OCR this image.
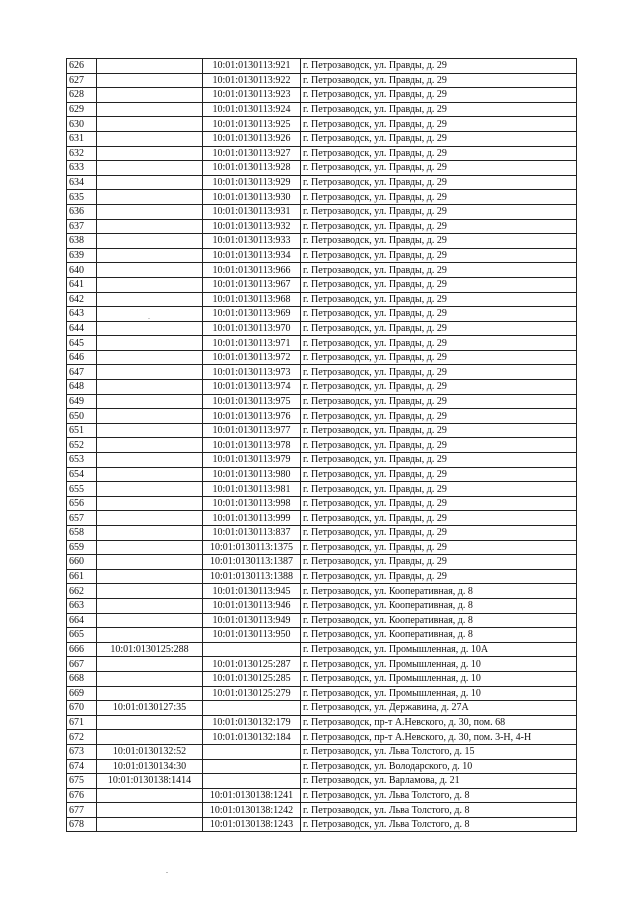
626		10:01:0130113:921	г. Петрозаводск, ул. Правды, д. 29
627		10:01:0130113:922	г. Петрозаводск, ул. Правды, д. 29
628		10:01:0130113:923	г. Петрозаводск, ул. Правды, д. 29
629		10:01:0130113:924	г. Петрозаводск, ул. Правды, д. 29
630		10:01:0130113:925	г. Петрозаводск, ул. Правды, д. 29
631		10:01:0130113:926	г. Петрозаводск, ул. Правды, д. 29
632		10:01:0130113:927	г. Петрозаводск, ул. Правды, д. 29
633		10:01:0130113:928	г. Петрозаводск, ул. Правды, д. 29
634		10:01:0130113:929	г. Петрозаводск, ул. Правды, д. 29
635		10:01:0130113:930	г. Петрозаводск, ул. Правды, д. 29
636		10:01:0130113:931	г. Петрозаводск, ул. Правды, д. 29
637		10:01:0130113:932	г. Петрозаводск, ул. Правды, д. 29
638		10:01:0130113:933	г. Петрозаводск, ул. Правды, д. 29
639		10:01:0130113:934	г. Петрозаводск, ул. Правды, д. 29
640		10:01:0130113:966	г. Петрозаводск, ул. Правды, д. 29
641		10:01:0130113:967	г. Петрозаводск, ул. Правды, д. 29
642		10:01:0130113:968	г. Петрозаводск, ул. Правды, д. 29
643		10:01:0130113:969	г. Петрозаводск, ул. Правды, д. 29
644		10:01:0130113:970	г. Петрозаводск, ул. Правды, д. 29
645		10:01:0130113:971	г. Петрозаводск, ул. Правды, д. 29
646		10:01:0130113:972	г. Петрозаводск, ул. Правды, д. 29
647		10:01:0130113:973	г. Петрозаводск, ул. Правды, д. 29
648		10:01:0130113:974	г. Петрозаводск, ул. Правды, д. 29
649		10:01:0130113:975	г. Петрозаводск, ул. Правды, д. 29
650		10:01:0130113:976	г. Петрозаводск, ул. Правды, д. 29
651		10:01:0130113:977	г. Петрозаводск, ул. Правды, д. 29
652		10:01:0130113:978	г. Петрозаводск, ул. Правды, д. 29
653		10:01:0130113:979	г. Петрозаводск, ул. Правды, д. 29
654		10:01:0130113:980	г. Петрозаводск, ул. Правды, д. 29
655		10:01:0130113:981	г. Петрозаводск, ул. Правды, д. 29
656		10:01:0130113:998	г. Петрозаводск, ул. Правды, д. 29
657		10:01:0130113:999	г. Петрозаводск, ул. Правды, д. 29
658		10:01:0130113:837	г. Петрозаводск, ул. Правды, д. 29
659		10:01:0130113:1375	г. Петрозаводск, ул. Правды, д. 29
660		10:01:0130113:1387	г. Петрозаводск, ул. Правды, д. 29
661		10:01:0130113:1388	г. Петрозаводск, ул. Правды, д. 29
662		10:01:0130113:945	г. Петрозаводск, ул. Кооперативная, д. 8
663		10:01:0130113:946	г. Петрозаводск, ул. Кооперативная, д. 8
664		10:01:0130113:949	г. Петрозаводск, ул. Кооперативная, д. 8
665		10:01:0130113:950	г. Петрозаводск, ул. Кооперативная, д. 8
666	10:01:0130125:288		г. Петрозаводск, ул. Промышленная, д. 10А
667		10:01:0130125:287	г. Петрозаводск, ул. Промышленная, д. 10
668		10:01:0130125:285	г. Петрозаводск, ул. Промышленная, д. 10
669		10:01:0130125:279	г. Петрозаводск, ул. Промышленная, д. 10
670	10:01:0130127:35		г. Петрозаводск, ул. Державина, д. 27А
671		10:01:0130132:179	г. Петрозаводск, пр-т А.Невского, д. 30, пом. 68
672		10:01:0130132:184	г. Петрозаводск, пр-т А.Невского, д. 30, пом. 3-Н, 4-Н
673	10:01:0130132:52		г. Петрозаводск, ул. Льва Толстого, д. 15
674	10:01:0130134:30		г. Петрозаводск, ул. Володарского, д. 10
675	10:01:0130138:1414		г. Петрозаводск, ул. Варламова, д. 21
676		10:01:0130138:1241	г. Петрозаводск, ул. Льва Толстого, д. 8
677		10:01:0130138:1242	г. Петрозаводск, ул. Льва Толстого, д. 8
678		10:01:0130138:1243	г. Петрозаводск, ул. Льва Толстого, д. 8
